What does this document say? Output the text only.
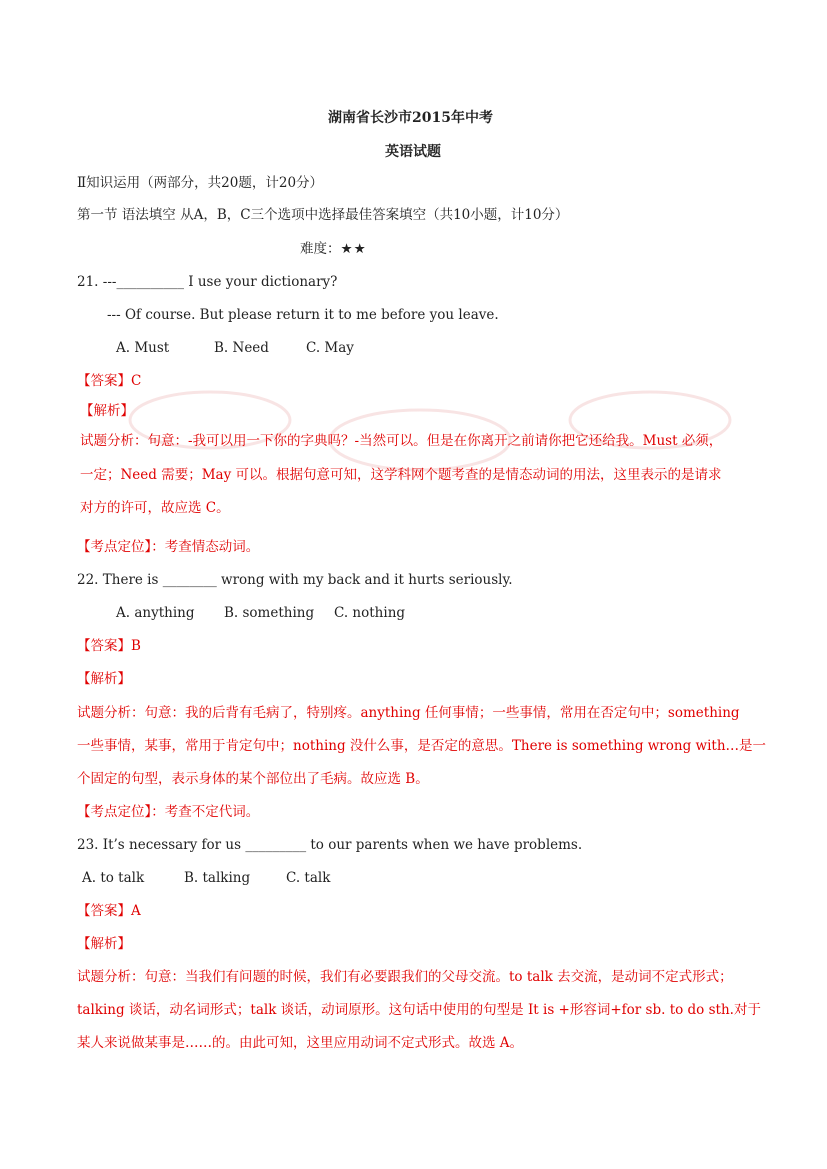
湖南省长沙市2015年中考
英语试题
Ⅱ知识运用（两部分，共20题，计20分）
第一节 语法填空 从A，B，C三个选项中选择最佳答案填空（共10小题，计10分）
难度：★★
21. ---__________ I use your dictionary?
--- Of course. But please return it to me before you leave.
A. Must	B. Need	C. May
【答案】C
【解析】
试题分析：句意：-我可以用一下你的字典吗？-当然可以。但是在你离开之前请你把它还给我。Must 必须，
一定；Need 需要；May 可以。根据句意可知，这学科网个题考查的是情态动词的用法，这里表示的是请求
对方的许可，故应选 C。
【考点定位】：考查情态动词。
22. There is ________ wrong with my back and it hurts seriously.
A. anything B. something C. nothing
【答案】B
【解析】
试题分析：句意：我的后背有毛病了，特别疼。anything 任何事情；一些事情，常用在否定句中；something
一些事情，某事，常用于肯定句中；nothing 没什么事，是否定的意思。There is something wrong with…是一
个固定的句型，表示身体的某个部位出了毛病。故应选 B。
【考点定位】：考查不定代词。
23. It’s necessary for us _________ to our parents when we have problems.
A. to talk	B. talking	C. talk
【答案】A
【解析】
试题分析：句意：当我们有问题的时候，我们有必要跟我们的父母交流。to talk 去交流，是动词不定式形式；
talking 谈话，动名词形式；talk 谈话，动词原形。这句话中使用的句型是 It is +形容词+for sb. to do sth.对于
某人来说做某事是……的。由此可知，这里应用动词不定式形式。故选 A。
